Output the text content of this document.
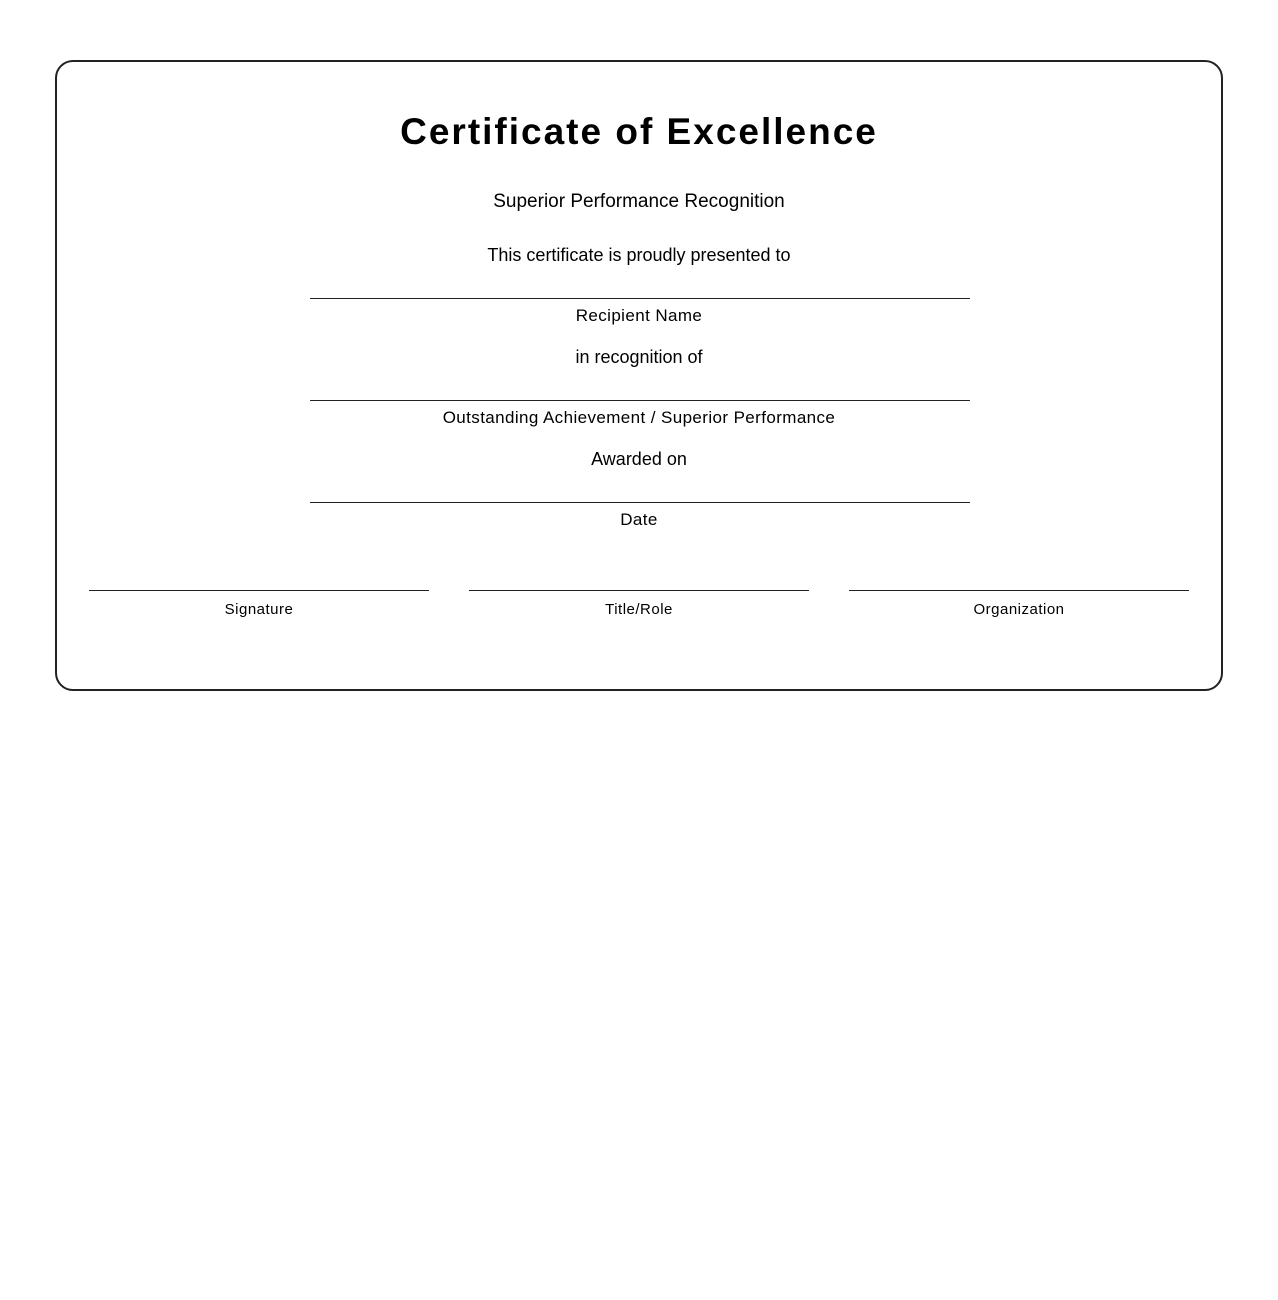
Certificate of Excellence
Superior Performance Recognition
This certificate is proudly presented to
Recipient Name
in recognition of
Outstanding Achievement / Superior Performance
Awarded on
Date
Signature	Title/Role	Organization
